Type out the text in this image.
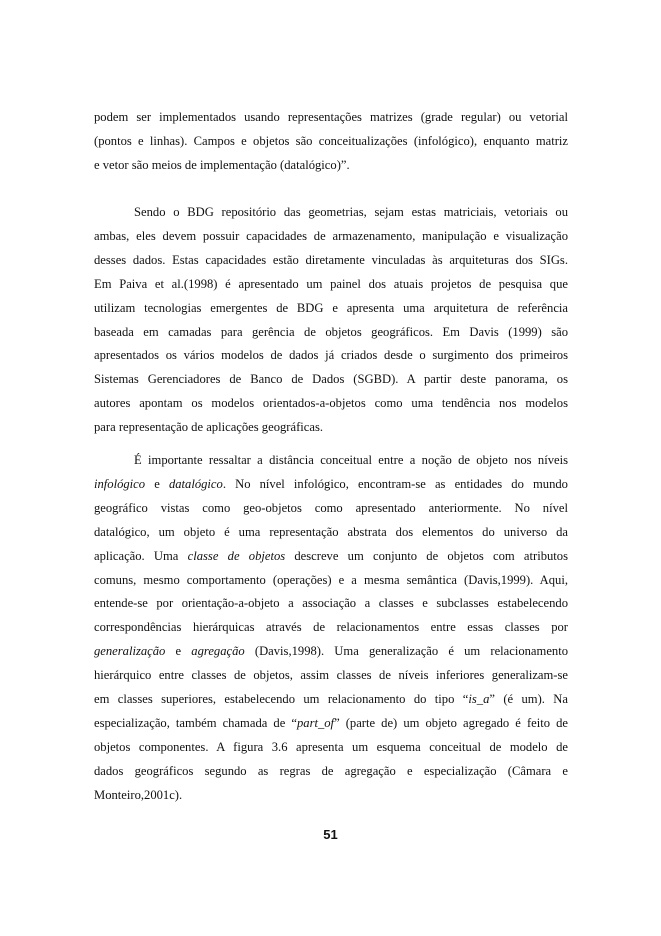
51
podem ser implementados usando representações matrizes (grade regular) ou vetorial
(pontos e linhas). Campos e objetos são conceitualizações (infológico), enquanto matriz
e vetor são meios de implementação (datalógico)”.
Sendo o BDG repositório das geometrias, sejam estas matriciais, vetoriais ou
ambas, eles devem possuir capacidades de armazenamento, manipulação e visualização
desses dados. Estas capacidades estão diretamente vinculadas às arquiteturas dos SIGs.
Em Paiva et al.(1998) é apresentado um painel dos atuais projetos de pesquisa que
utilizam tecnologias emergentes de BDG e apresenta uma arquitetura de referência
baseada em camadas para gerência de objetos geográficos. Em Davis (1999) são
apresentados os vários modelos de dados já criados desde o surgimento dos primeiros
Sistemas Gerenciadores de Banco de Dados (SGBD). A partir deste panorama, os
autores apontam os modelos orientados-a-objetos como uma tendência nos modelos
para representação de aplicações geográficas.
É importante ressaltar a distância conceitual entre a noção de objeto nos níveis
infológico e datalógico. No nível infológico, encontram-se as entidades do mundo
geográfico vistas como geo-objetos como apresentado anteriormente. No nível
datalógico, um objeto é uma representação abstrata dos elementos do universo da
aplicação. Uma classe de objetos descreve um conjunto de objetos com atributos
comuns, mesmo comportamento (operações) e a mesma semântica (Davis,1999). Aqui,
entende-se por orientação-a-objeto a associação a classes e subclasses estabelecendo
correspondências hierárquicas através de relacionamentos entre essas classes por
generalização e agregação (Davis,1998). Uma generalização é um relacionamento
hierárquico entre classes de objetos, assim classes de níveis inferiores generalizam-se
em classes superiores, estabelecendo um relacionamento do tipo “is_a” (é um). Na
especialização, também chamada de “part_of” (parte de) um objeto agregado é feito de
objetos componentes. A figura 3.6 apresenta um esquema conceitual de modelo de
dados geográficos segundo as regras de agregação e especialização (Câmara e
Monteiro,2001c).
